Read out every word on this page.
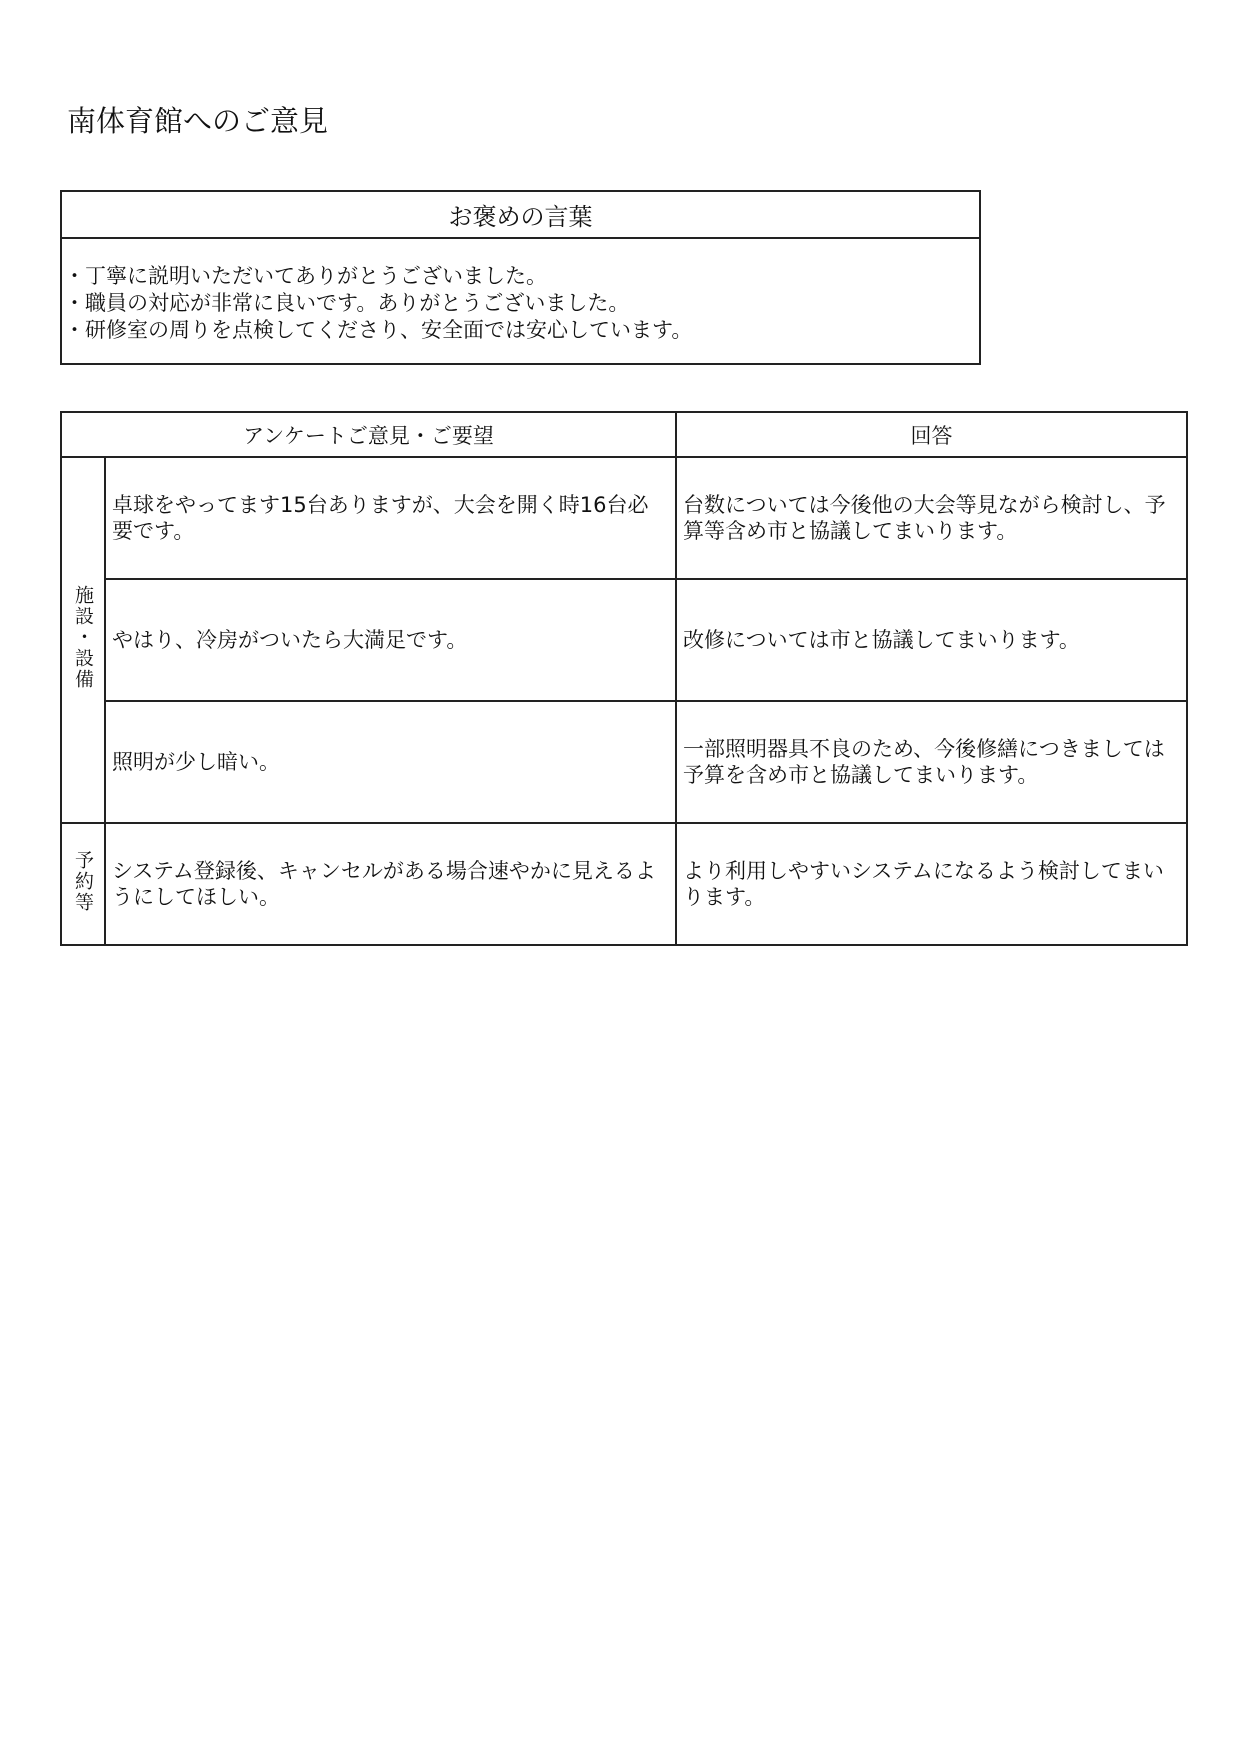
南体育館へのご意見
お褒めの言葉
・ 丁寧に説明いただいてありがとうございました。
・ 職員の対応が非常に良いです。ありがとうございました。
・ 研修室の周りを点検してくださり、安全面では安心しています。
アンケートご意見・ご要望		回答
施設・設備	卓球をやってます15台ありますが、大会を開く時16台必要です。	台数については今後他の大会等見ながら検討し、予算等含め市と協議してまいります。
	やはり、冷房がついたら大満足です。	改修については市と協議してまいります。
	照明が少し暗い。	一部照明器具不良のため、今後修繕につきましては予算を含め市と協議してまいります。
予約等	システム登録後、キャンセルがある場合速やかに見えるようにしてほしい。	より利用しやすいシステムになるよう検討してまいります。
